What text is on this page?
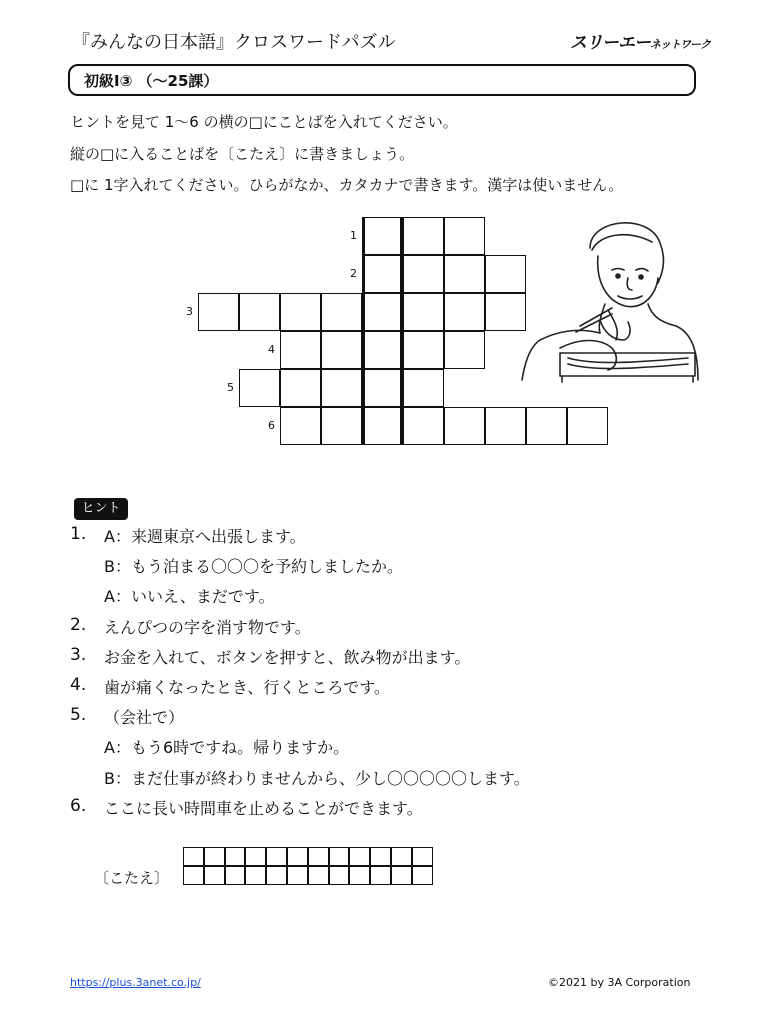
『みんなの日本語』クロスワードパズル	スリーエーネットワーク
初級Ⅰ③ （～25課）
ヒントを見て 1～6 の横の□にことばを入れてください。
縦の□に入ることばを〔こたえ〕に書きましょう。
□に 1字入れてください。ひらがなか、カタカナで書きます。漢字は使いません。
1
2
3
4
5
6
ヒント
1. A：来週東京へ出張します。
B：もう泊まる〇〇〇を予約しましたか。
A：いいえ、まだです。
2. えんぴつの字を消す物です。
3. お金を入れて、ボタンを押すと、飲み物が出ます。
4. 歯が痛くなったとき、行くところです。
5. （会社で）
A：もう6時ですね。帰りますか。
B：まだ仕事が終わりませんから、少し〇〇〇〇〇します。
6. ここに長い時間車を止めることができます。
〔こたえ〕
https://plus.3anet.co.jp/	©2021 by 3A Corporation
